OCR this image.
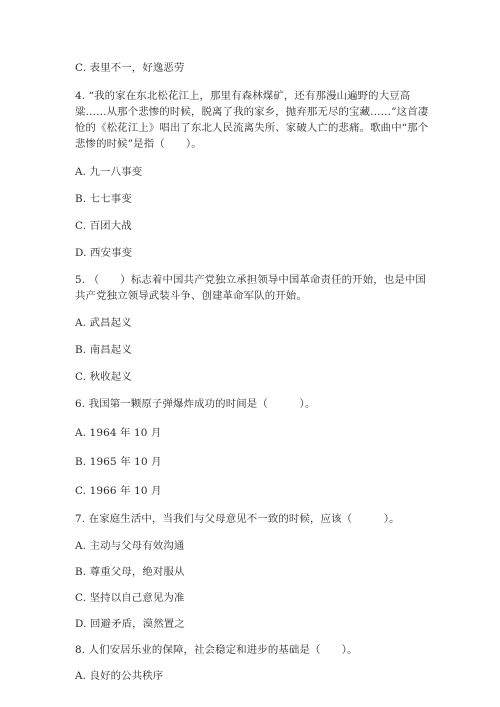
C. 表里不一，好逸恶劳
4. “我的家在东北松花江上，那里有森林煤矿，还有那漫山遍野的大豆高
粱……从那个悲惨的时候，脱离了我的家乡，抛弃那无尽的宝藏……”这首凄
怆的《松花江上》唱出了东北人民流离失所、家破人亡的悲痛。歌曲中“那个
悲惨的时候”是指（　　）。
A. 九一八事变
B. 七七事变
C. 百团大战
D. 西安事变
5. （　　）标志着中国共产党独立承担领导中国革命责任的开始，也是中国
共产党独立领导武装斗争、创建革命军队的开始。
A. 武昌起义
B. 南昌起义
C. 秋收起义
6. 我国第一颗原子弹爆炸成功的时间是（　　　）。
A. 1964 年 10 月
B. 1965 年 10 月
C. 1966 年 10 月
7. 在家庭生活中，当我们与父母意见不一致的时候，应该（　　　）。
A. 主动与父母有效沟通
B. 尊重父母，绝对服从
C. 坚持以自己意见为准
D. 回避矛盾，漠然置之
8. 人们安居乐业的保障，社会稳定和进步的基础是（　　）。
A. 良好的公共秩序
